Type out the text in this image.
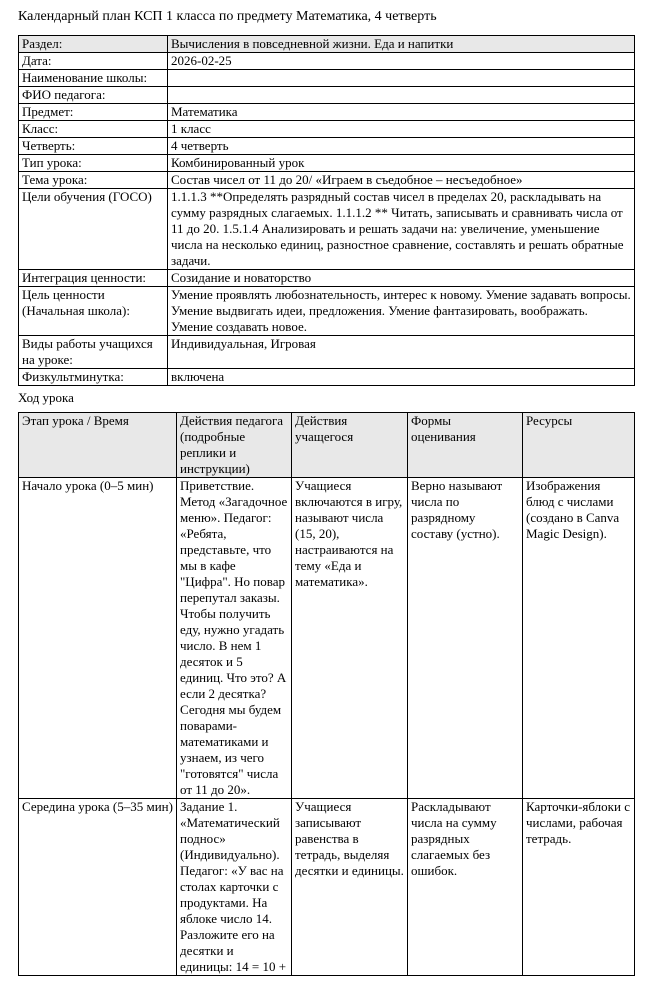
Календарный план КСП 1 класса по предмету Математика, 4 четверть
Раздел:	Вычисления в повседневной жизни. Еда и напитки
Дата:	2026-02-25
Наименование школы:	
ФИО педагога:	
Предмет:	Математика
Класс:	1 класс
Четверть:	4 четверть
Тип урока:	Комбинированный урок
Тема урока:	Состав чисел от 11 до 20/ «Играем в съедобное – несъедобное»
Цели обучения (ГОСО)	1.1.1.3 **Определять разрядный состав чисел в пределах 20, раскладывать на сумму разрядных слагаемых. 1.1.1.2 ** Читать, записывать и сравнивать числа от 11 до 20. 1.5.1.4 Анализировать и решать задачи на: увеличение, уменьшение числа на несколько единиц, разностное сравнение, составлять и решать обратные задачи.
Интеграция ценности:	Созидание и новаторство
Цель ценности (Начальная школа):	Умение проявлять любознательность, интерес к новому. Умение задавать вопросы. Умение выдвигать идеи, предложения. Умение фантазировать, воображать. Умение создавать новое.
Виды работы учащихся на уроке:	Индивидуальная, Игровая
Физкультминутка:	включена
Ход урока
Этап урока / Время	Действия педагога (подробные реплики и инструкции)	Действия учащегося	Формы оценивания	Ресурсы
Начало урока (0–5 мин)	Приветствие. Метод «Загадочное меню». Педагог: «Ребята, представьте, что мы в кафе "Цифра". Но повар перепутал заказы. Чтобы получить еду, нужно угадать число. В нем 1 десяток и 5 единиц. Что это? А если 2 десятка? Сегодня мы будем поварами-математиками и узнаем, из чего "готовятся" числа от 11 до 20».	Учащиеся включаются в игру, называют числа (15, 20), настраиваются на тему «Еда и математика».	Верно называют числа по разрядному составу (устно).	Изображения блюд с числами (создано в Canva Magic Design).
Середина урока (5–35 мин)	Задание 1. «Математический поднос» (Индивидуально). Педагог: «У вас на столах карточки с продуктами. На яблоке число 14. Разложите его на десятки и единицы: 14 = 10 +	Учащиеся записывают равенства в тетрадь, выделяя десятки и единицы.	Раскладывают числа на сумму разрядных слагаемых без ошибок.	Карточки-яблоки с числами, рабочая тетрадь.
